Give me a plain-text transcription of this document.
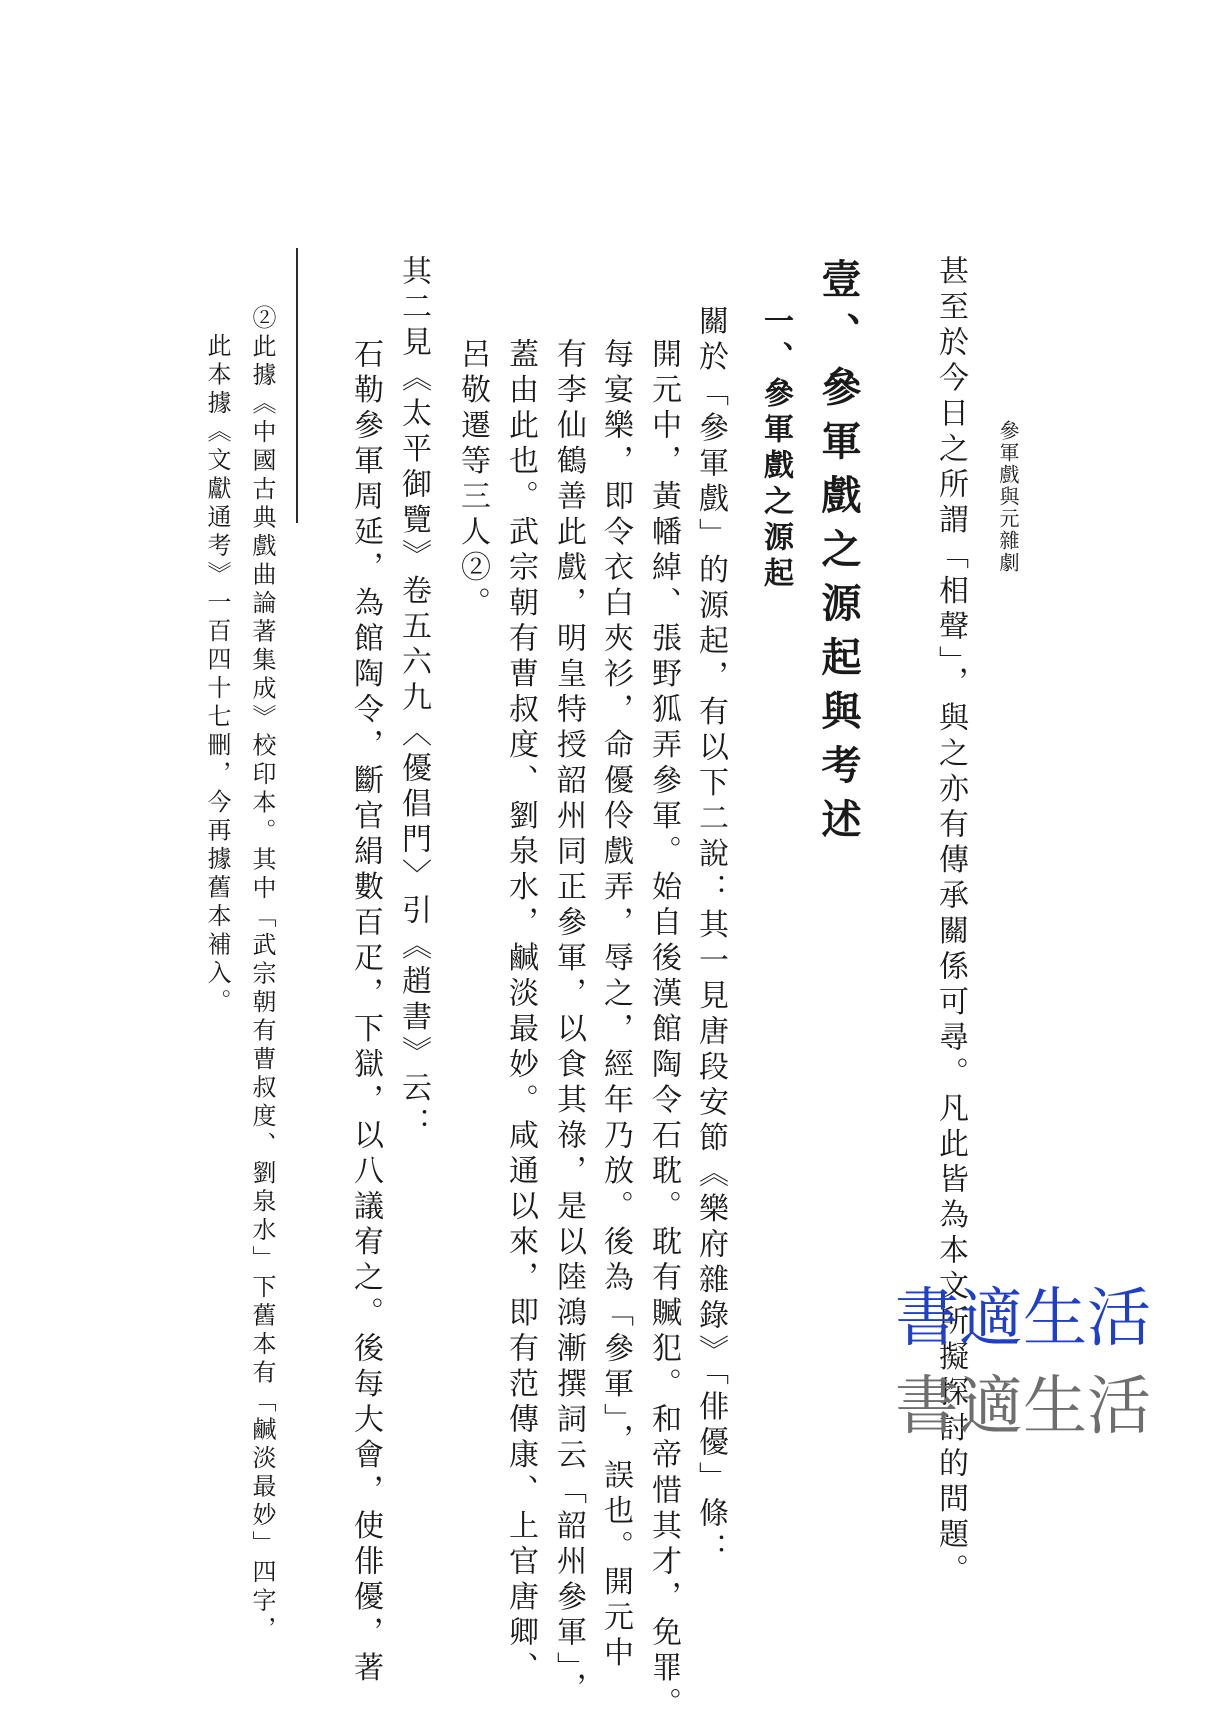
參軍戲與元雜劇
甚至於今日之所謂「相聲」，與之亦有傳承關係可尋。凡此皆為本文所擬探討的問題。
壹、參軍戲之源起與考述
一、參軍戲之源起
關於「參軍戲」的源起，有以下二說：其一見唐段安節《樂府雜錄》「俳優」條：
開元中，黃幡綽、張野狐弄參軍。始自後漢館陶令石耽。耽有贓犯。和帝惜其才，免罪。
每宴樂，即令衣白夾衫，命優伶戲弄，辱之，經年乃放。後為「參軍」，誤也。開元中
有李仙鶴善此戲，明皇特授韶州同正參軍，以食其祿，是以陸鴻漸撰詞云「韶州參軍」，
蓋由此也。武宗朝有曹叔度、劉泉水，鹹淡最妙。咸通以來，即有范傳康、上官唐卿、
呂敬遷等三人②。
其二見《太平御覽》卷五六九〈優倡門〉引《趙書》云：
石勒參軍周延，為館陶令，斷官絹數百疋，下獄，以八議宥之。後每大會，使俳優，著
②此據《中國古典戲曲論著集成》校印本。其中「武宗朝有曹叔度、劉泉水」下舊本有「鹹淡最妙」四字，
此本據《文獻通考》一百四十七刪，今再據舊本補入。
書適生活
書適生活
